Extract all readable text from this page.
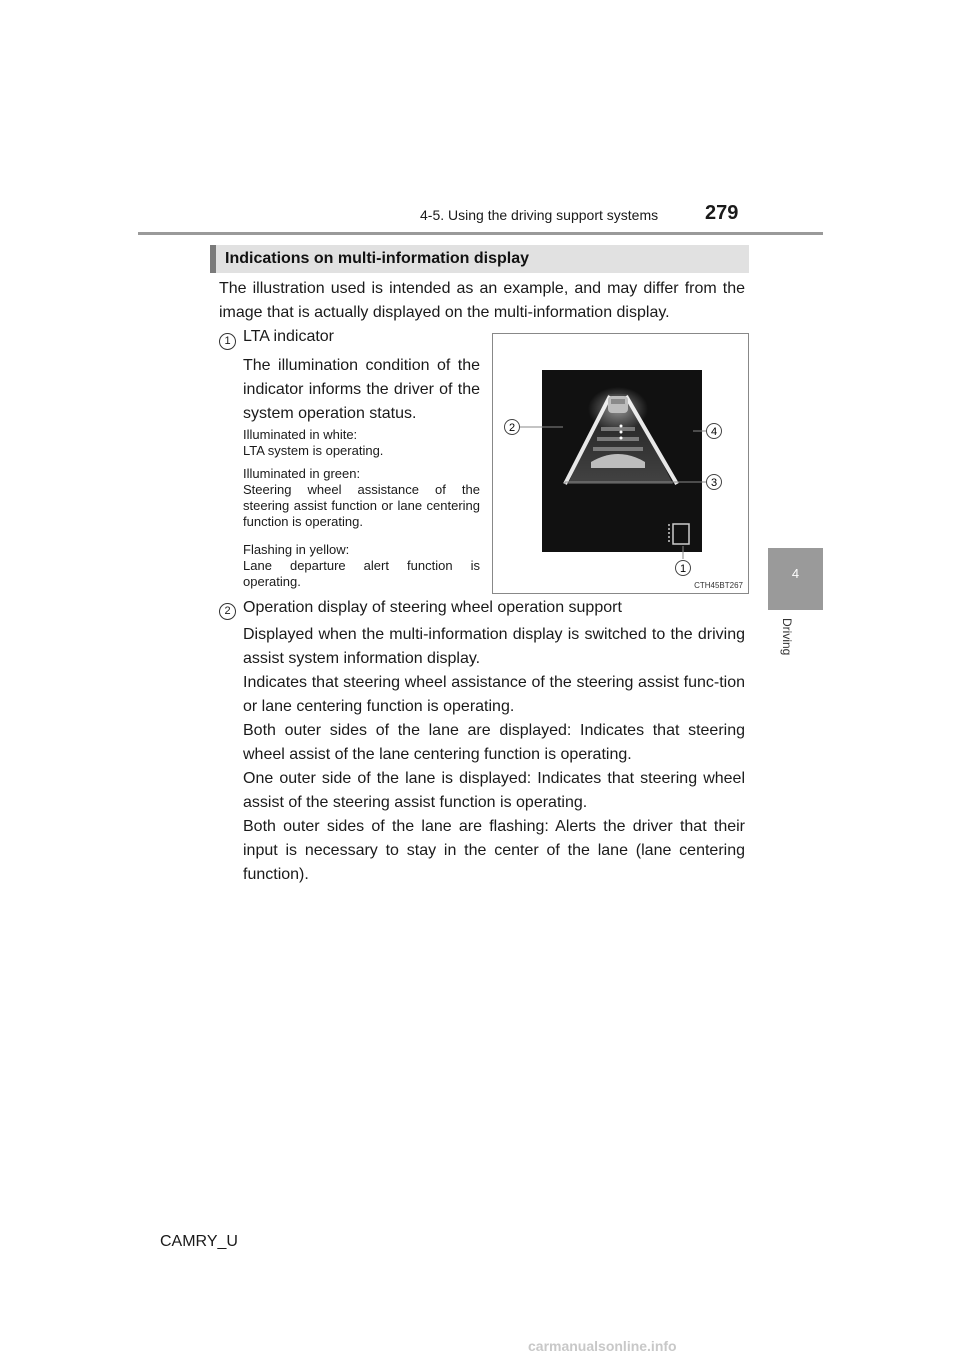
4-5. Using the driving support systems 279
4
Driving
Indications on multi-information display
The illustration used is intended as an example, and may differ from the image that is actually displayed on the multi-information display.
1 LTA indicator
The illumination condition of the indicator informs the driver of the system operation status.
Illuminated in white:
LTA system is operating.
Illuminated in green:
Steering wheel assistance of the steering assist function or lane centering function is operating.
Flashing in yellow:
Lane departure alert function is operating.
2	4
3
1
CTH45BT267
2 Operation display of steering wheel operation support
Displayed when the multi-information display is switched to the driving assist system information display.
Indicates that steering wheel assistance of the steering assist func-tion or lane centering function is operating.
Both outer sides of the lane are displayed: Indicates that steering wheel assist of the lane centering function is operating.
One outer side of the lane is displayed: Indicates that steering wheel assist of the steering assist function is operating.
Both outer sides of the lane are flashing: Alerts the driver that their input is necessary to stay in the center of the lane (lane centering function).
CAMRY_U
carmanualsonline.info
